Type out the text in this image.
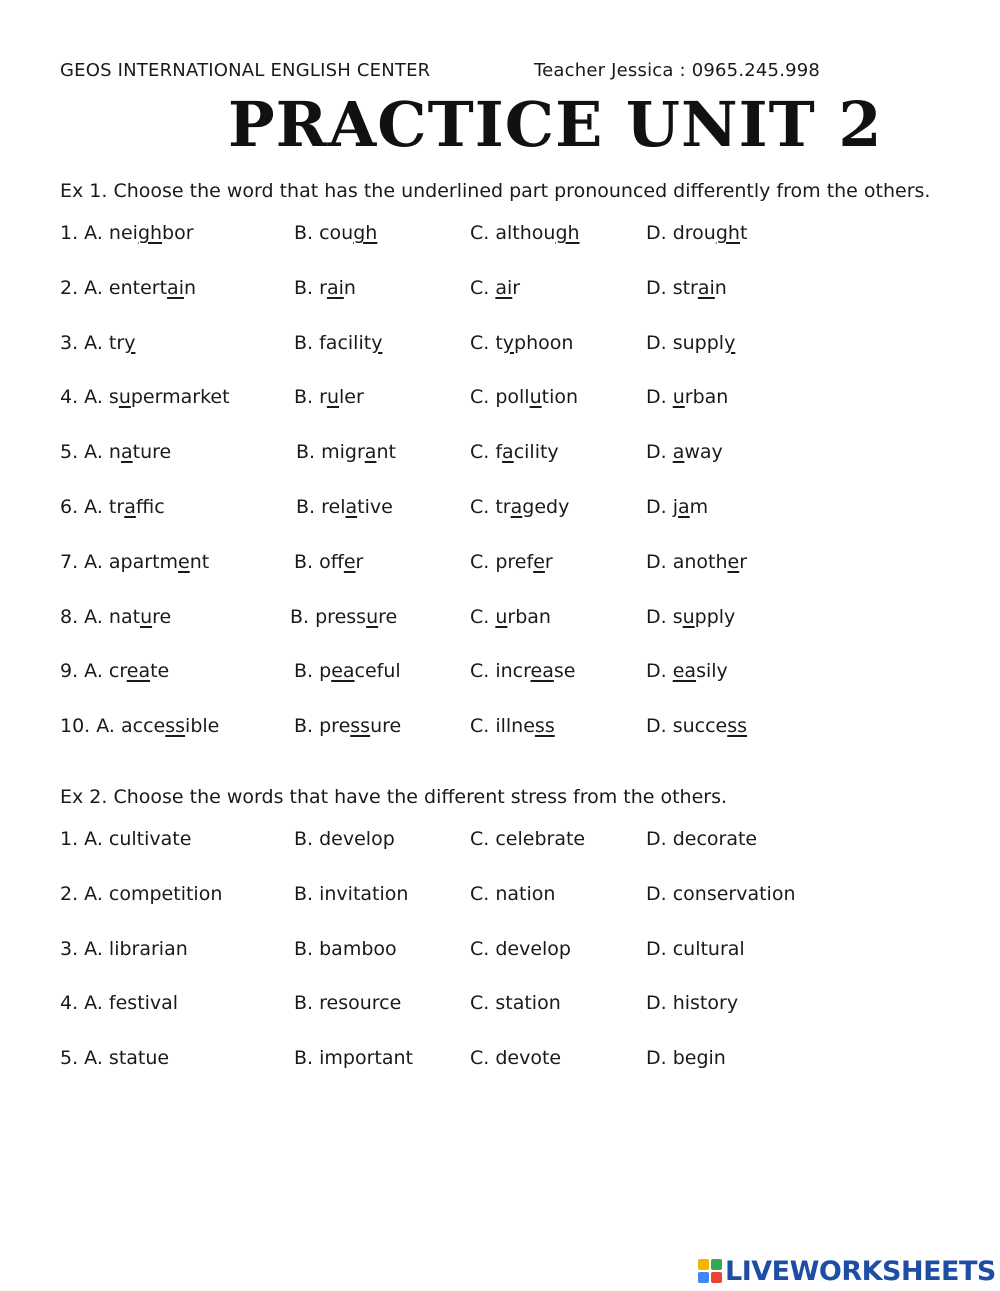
GEOS INTERNATIONAL ENGLISH CENTER	Teacher Jessica : 0965.245.998
PRACTICE UNIT 2
Ex 1. Choose the word that has the underlined part pronounced differently from the others.
1. A. neighbor	B. cough	C. although	D. drought
2. A. entertain	B. rain	C. air	D. strain
3. A. try	B. facility	C. typhoon	D. supply
4. A. supermarket	B. ruler	C. pollution	D. urban
5. A. nature	B. migrant	C. facility	D. away
6. A. traffic	B. relative	C. tragedy	D. jam
7. A. apartment	B. offer	C. prefer	D. another
8. A. nature	B. pressure	C. urban	D. supply
9. A. create	B. peaceful	C. increase	D. easily
10. A. accessible	B. pressure	C. illness	D. success
Ex 2. Choose the words that have the different stress from the others.
1. A. cultivate	B. develop	C. celebrate	D. decorate
2. A. competition	B. invitation	C. nation	D. conservation
3. A. librarian	B. bamboo	C. develop	D. cultural
4. A. festival	B. resource	C. station	D. history
5. A. statue	B. important	C. devote	D. begin
LIVEWORKSHEETS
